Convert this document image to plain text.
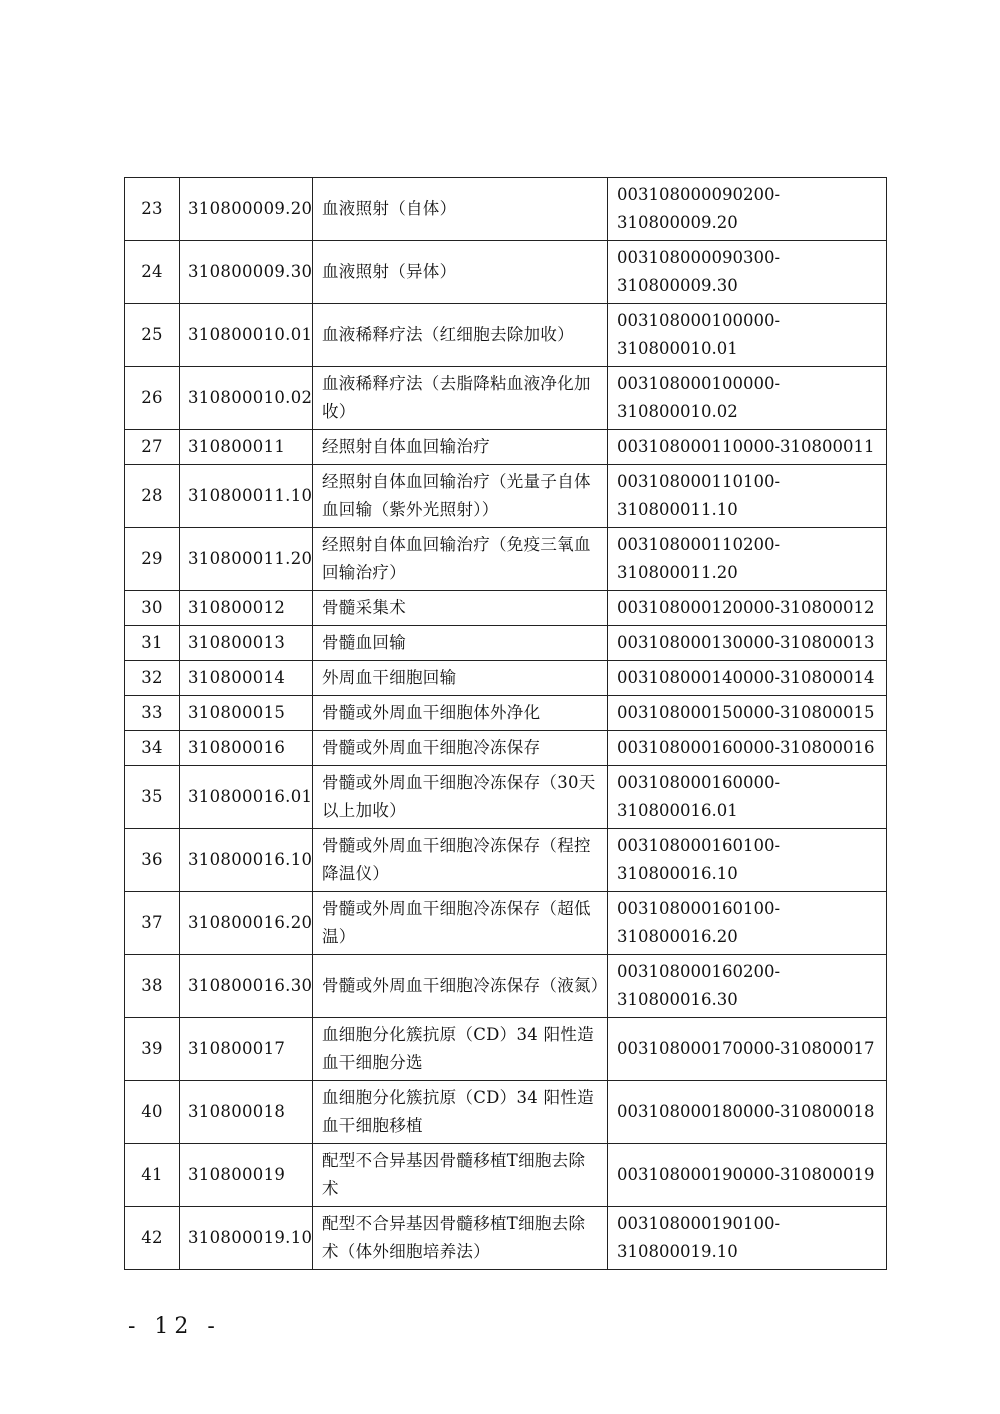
23	310800009.20	血液照射（自体）	003108000090200-310800009.20
24	310800009.30	血液照射（异体）	003108000090300-310800009.30
25	310800010.01	血液稀释疗法（红细胞去除加收）	003108000100000-310800010.01
26	310800010.02	血液稀释疗法（去脂降粘血液净化加收）	003108000100000-310800010.02
27	310800011	经照射自体血回输治疗	003108000110000-310800011
28	310800011.10	经照射自体血回输治疗（光量子自体血回输（紫外光照射））	003108000110100-310800011.10
29	310800011.20	经照射自体血回输治疗（免疫三氧血回输治疗）	003108000110200-310800011.20
30	310800012	骨髓采集术	003108000120000-310800012
31	310800013	骨髓血回输	003108000130000-310800013
32	310800014	外周血干细胞回输	003108000140000-310800014
33	310800015	骨髓或外周血干细胞体外净化	003108000150000-310800015
34	310800016	骨髓或外周血干细胞冷冻保存	003108000160000-310800016
35	310800016.01	骨髓或外周血干细胞冷冻保存（30天以上加收）	003108000160000-310800016.01
36	310800016.10	骨髓或外周血干细胞冷冻保存（程控降温仪）	003108000160100-310800016.10
37	310800016.20	骨髓或外周血干细胞冷冻保存（超低温）	003108000160100-310800016.20
38	310800016.30	骨髓或外周血干细胞冷冻保存（液氮）	003108000160200-310800016.30
39	310800017	血细胞分化簇抗原（CD）34 阳性造血干细胞分选	003108000170000-310800017
40	310800018	血细胞分化簇抗原（CD）34 阳性造血干细胞移植	003108000180000-310800018
41	310800019	配型不合异基因骨髓移植T细胞去除术	003108000190000-310800019
42	310800019.10	配型不合异基因骨髓移植T细胞去除术（体外细胞培养法）	003108000190100-310800019.10
- 12 -
